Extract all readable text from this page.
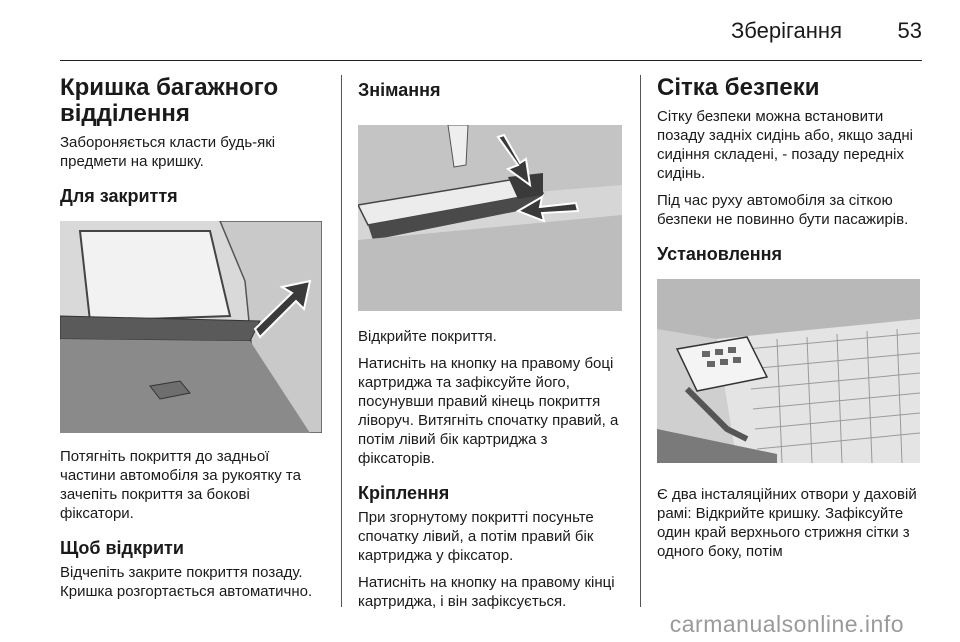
Зберігання	53
Кришка багажного відділення
Забороняється класти будь-які предмети на кришку.
Для закриття
Потягніть покриття до задньої частини автомобіля за рукоятку та зачепіть покриття за бокові фіксатори.
Щоб відкрити
Відчепіть закрите покриття позаду. Кришка розгортається автоматично.
Знімання
Відкрийте покриття.
Натисніть на кнопку на правому боці картриджа та зафіксуйте його, посунувши правий кінець покриття ліворуч. Витягніть спочатку правий, а потім лівий бік картриджа з фіксаторів.
Кріплення
При згорнутому покритті посуньте спочатку лівий, а потім правий бік картриджа у фіксатор.
Натисніть на кнопку на правому кінці картриджа, і він зафіксується.
Сітка безпеки
Сітку безпеки можна встановити позаду задніх сидінь або, якщо задні сидіння складені, - позаду передніх сидінь.
Під час руху автомобіля за сіткою безпеки не повинно бути пасажирів.
Установлення
Є два інсталяційних отвори у даховій рамі: Відкрийте кришку. Зафіксуйте один край верхнього стрижня сітки з одного боку, потім
carmanualsonline.info
